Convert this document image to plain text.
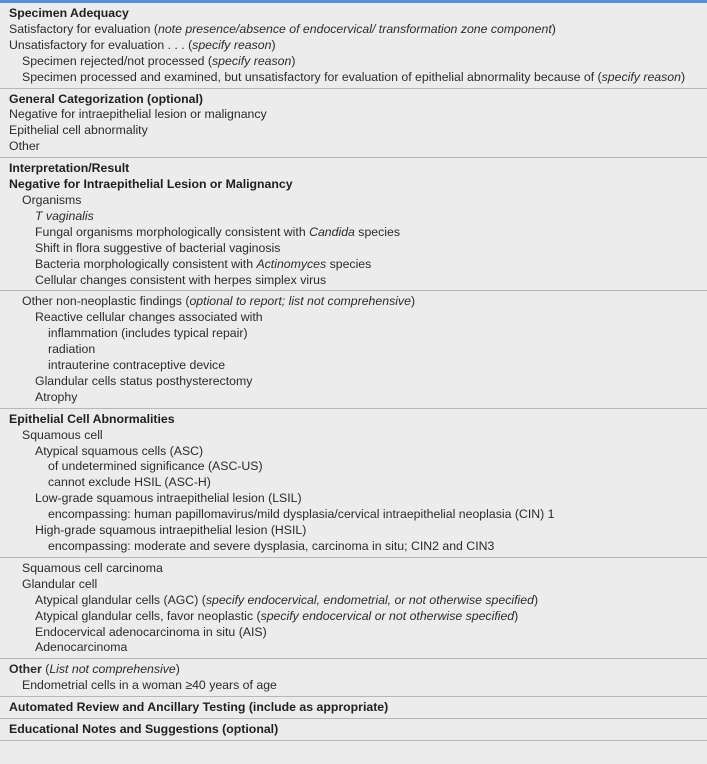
Specimen Adequacy
Satisfactory for evaluation (note presence/absence of endocervical/ transformation zone component)
Unsatisfactory for evaluation . . . (specify reason)
Specimen rejected/not processed (specify reason)
Specimen processed and examined, but unsatisfactory for evaluation of epithelial abnormality because of (specify reason)
General Categorization (optional)
Negative for intraepithelial lesion or malignancy
Epithelial cell abnormality
Other
Interpretation/Result
Negative for Intraepithelial Lesion or Malignancy
Organisms
T vaginalis
Fungal organisms morphologically consistent with Candida species
Shift in flora suggestive of bacterial vaginosis
Bacteria morphologically consistent with Actinomyces species
Cellular changes consistent with herpes simplex virus
Other non-neoplastic findings (optional to report; list not comprehensive)
Reactive cellular changes associated with
inflammation (includes typical repair)
radiation
intrauterine contraceptive device
Glandular cells status posthysterectomy
Atrophy
Epithelial Cell Abnormalities
Squamous cell
Atypical squamous cells (ASC)
of undetermined significance (ASC-US)
cannot exclude HSIL (ASC-H)
Low-grade squamous intraepithelial lesion (LSIL)
encompassing: human papillomavirus/mild dysplasia/cervical intraepithelial neoplasia (CIN) 1
High-grade squamous intraepithelial lesion (HSIL)
encompassing: moderate and severe dysplasia, carcinoma in situ; CIN2 and CIN3
Squamous cell carcinoma
Glandular cell
Atypical glandular cells (AGC) (specify endocervical, endometrial, or not otherwise specified)
Atypical glandular cells, favor neoplastic (specify endocervical or not otherwise specified)
Endocervical adenocarcinoma in situ (AIS)
Adenocarcinoma
Other (List not comprehensive)
Endometrial cells in a woman ≥40 years of age
Automated Review and Ancillary Testing (include as appropriate)
Educational Notes and Suggestions (optional)
